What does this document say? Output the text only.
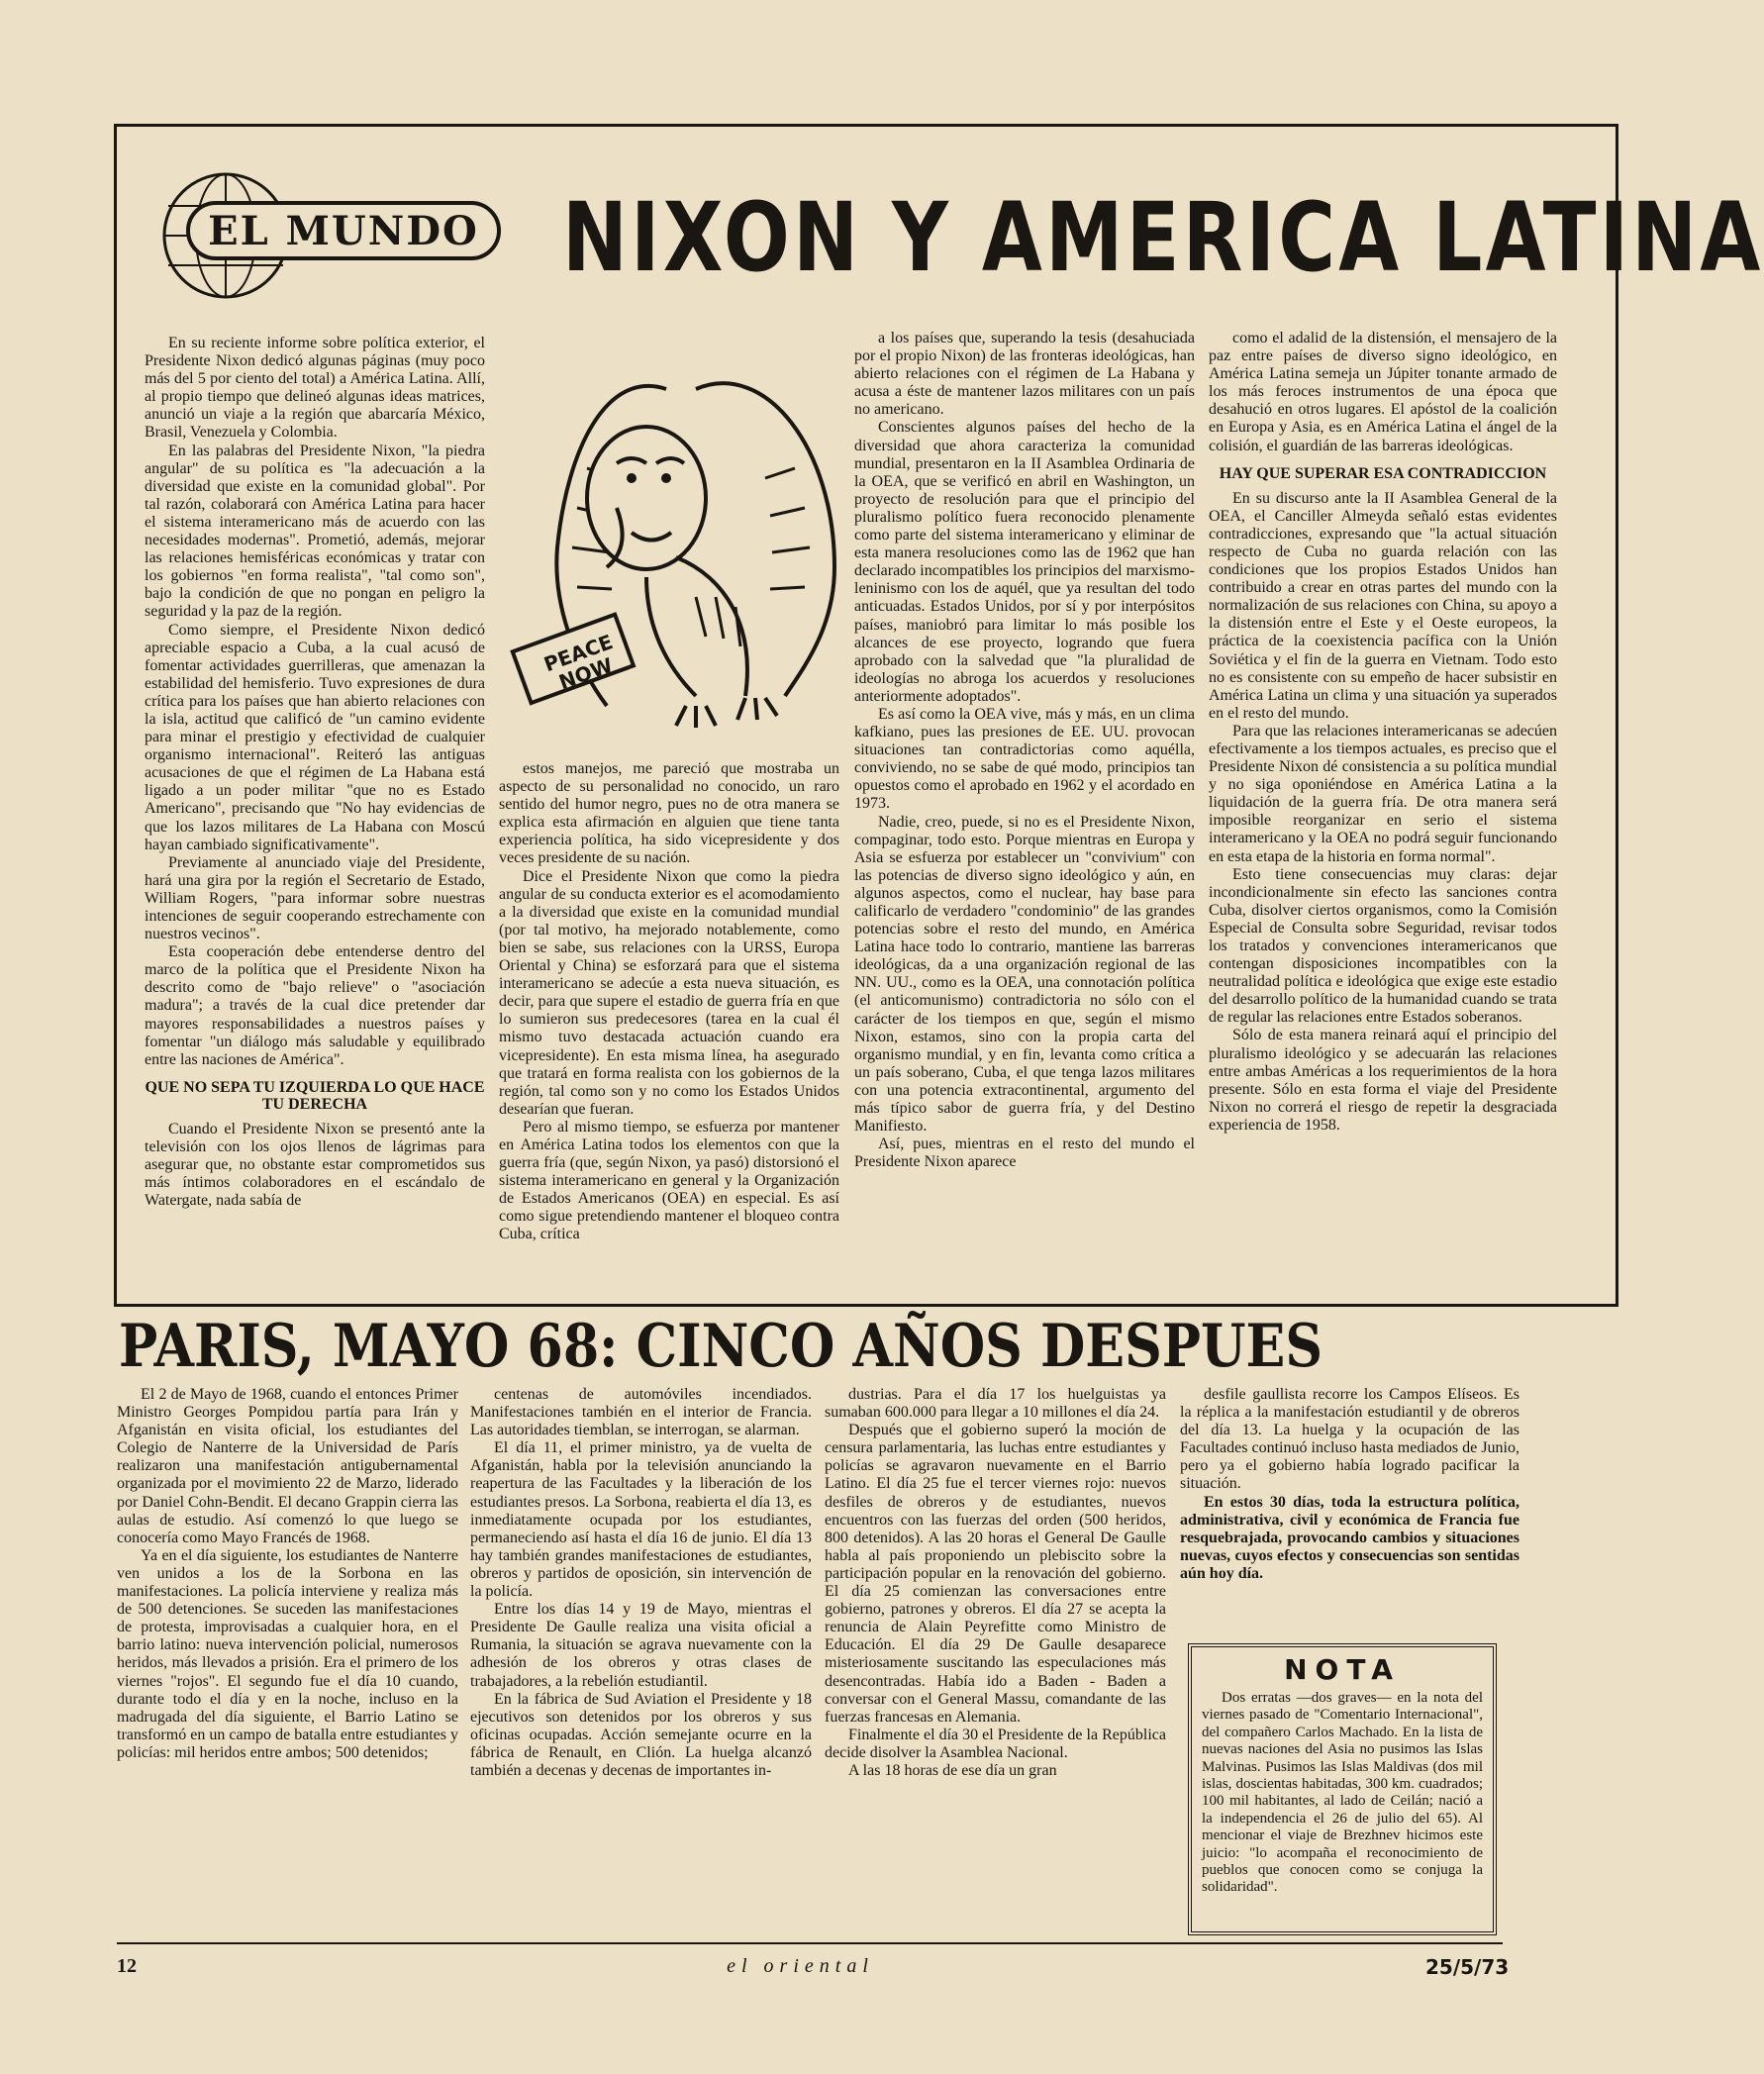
EL MUNDO NIXON Y AMERICA LATINA
PEACE NOW

En su reciente informe sobre política exterior, el Presidente Nixon dedicó algunas páginas (muy poco más del 5 por ciento del total) a América Latina. Allí, al propio tiempo que delineó algunas ideas matrices, anunció un viaje a la región que abarcaría México, Brasil, Venezuela y Colombia.

En las palabras del Presidente Nixon, "la piedra angular" de su política es "la adecuación a la diversidad que existe en la comunidad global". Por tal razón, colaborará con América Latina para hacer el sistema interamericano más de acuerdo con las necesidades modernas". Prometió, además, mejorar las relaciones hemisféricas económicas y tratar con los gobiernos "en forma realista", "tal como son", bajo la condición de que no pongan en peligro la seguridad y la paz de la región.

Como siempre, el Presidente Nixon dedicó apreciable espacio a Cuba, a la cual acusó de fomentar actividades guerrilleras, que amenazan la estabilidad del hemisferio. Tuvo expresiones de dura crítica para los países que han abierto relaciones con la isla, actitud que calificó de "un camino evidente para minar el prestigio y efectividad de cualquier organismo internacional". Reiteró las antiguas acusaciones de que el régimen de La Habana está ligado a un poder militar "que no es Estado Americano", precisando que "No hay evidencias de que los lazos militares de La Habana con Moscú hayan cambiado significativamente".

Previamente al anunciado viaje del Presidente, hará una gira por la región el Secretario de Estado, William Rogers, "para informar sobre nuestras intenciones de seguir cooperando estrechamente con nuestros vecinos".

Esta cooperación debe entenderse dentro del marco de la política que el Presidente Nixon ha descrito como de "bajo relieve" o "asociación madura"; a través de la cual dice pretender dar mayores responsabilidades a nuestros países y fomentar "un diálogo más saludable y equilibrado entre las naciones de América".

QUE NO SEPA TU IZQUIERDA LO QUE HACE TU DERECHA

Cuando el Presidente Nixon se presentó ante la televisión con los ojos llenos de lágrimas para asegurar que, no obstante estar comprometidos sus más íntimos colaboradores en el escándalo de Watergate, nada sabía de

estos manejos, me pareció que mostraba un aspecto de su personalidad no conocido, un raro sentido del humor negro, pues no de otra manera se explica esta afirmación en alguien que tiene tanta experiencia política, ha sido vicepresidente y dos veces presidente de su nación.

Dice el Presidente Nixon que como la piedra angular de su conducta exterior es el acomodamiento a la diversidad que existe en la comunidad mundial (por tal motivo, ha mejorado notablemente, como bien se sabe, sus relaciones con la URSS, Europa Oriental y China) se esforzará para que el sistema interamericano se adecúe a esta nueva situación, es decir, para que supere el estadio de guerra fría en que lo sumieron sus predecesores (tarea en la cual él mismo tuvo destacada actuación cuando era vicepresidente). En esta misma línea, ha asegurado que tratará en forma realista con los gobiernos de la región, tal como son y no como los Estados Unidos desearían que fueran.

Pero al mismo tiempo, se esfuerza por mantener en América Latina todos los elementos con que la guerra fría (que, según Nixon, ya pasó) distorsionó el sistema interamericano en general y la Organización de Estados Americanos (OEA) en especial. Es así como sigue pretendiendo mantener el bloqueo contra Cuba, crítica

a los países que, superando la tesis (desahuciada por el propio Nixon) de las fronteras ideológicas, han abierto relaciones con el régimen de La Habana y acusa a éste de mantener lazos militares con un país no americano.

Conscientes algunos países del hecho de la diversidad que ahora caracteriza la comunidad mundial, presentaron en la II Asamblea Ordinaria de la OEA, que se verificó en abril en Washington, un proyecto de resolución para que el principio del pluralismo político fuera reconocido plenamente como parte del sistema interamericano y eliminar de esta manera resoluciones como las de 1962 que han declarado incompatibles los principios del marxismo-leninismo con los de aquél, que ya resultan del todo anticuadas. Estados Unidos, por sí y por interpósitos países, maniobró para limitar lo más posible los alcances de ese proyecto, logrando que fuera aprobado con la salvedad que "la pluralidad de ideologías no abroga los acuerdos y resoluciones anteriormente adoptados".

Es así como la OEA vive, más y más, en un clima kafkiano, pues las presiones de EE. UU. provocan situaciones tan contradictorias como aquélla, conviviendo, no se sabe de qué modo, principios tan opuestos como el aprobado en 1962 y el acordado en 1973.

Nadie, creo, puede, si no es el Presidente Nixon, compaginar, todo esto. Porque mientras en Europa y Asia se esfuerza por establecer un "convivium" con las potencias de diverso signo ideológico y aún, en algunos aspectos, como el nuclear, hay base para calificarlo de verdadero "condominio" de las grandes potencias sobre el resto del mundo, en América Latina hace todo lo contrario, mantiene las barreras ideológicas, da a una organización regional de las NN. UU., como es la OEA, una connotación política (el anticomunismo) contradictoria no sólo con el carácter de los tiempos en que, según el mismo Nixon, estamos, sino con la propia carta del organismo mundial, y en fin, levanta como crítica a un país soberano, Cuba, el que tenga lazos militares con una potencia extracontinental, argumento del más típico sabor de guerra fría, y del Destino Manifiesto.

Así, pues, mientras en el resto del mundo el Presidente Nixon aparece

como el adalid de la distensión, el mensajero de la paz entre países de diverso signo ideológico, en América Latina semeja un Júpiter tonante armado de los más feroces instrumentos de una época que desahució en otros lugares. El apóstol de la coalición en Europa y Asia, es en América Latina el ángel de la colisión, el guardián de las barreras ideológicas.

HAY QUE SUPERAR ESA CONTRADICCION

En su discurso ante la II Asamblea General de la OEA, el Canciller Almeyda señaló estas evidentes contradicciones, expresando que "la actual situación respecto de Cuba no guarda relación con las condiciones que los propios Estados Unidos han contribuido a crear en otras partes del mundo con la normalización de sus relaciones con China, su apoyo a la distensión entre el Este y el Oeste europeos, la práctica de la coexistencia pacífica con la Unión Soviética y el fin de la guerra en Vietnam. Todo esto no es consistente con su empeño de hacer subsistir en América Latina un clima y una situación ya superados en el resto del mundo.

Para que las relaciones interamericanas se adecúen efectivamente a los tiempos actuales, es preciso que el Presidente Nixon dé consistencia a su política mundial y no siga oponiéndose en América Latina a la liquidación de la guerra fría. De otra manera será imposible reorganizar en serio el sistema interamericano y la OEA no podrá seguir funcionando en esta etapa de la historia en forma normal".

Esto tiene consecuencias muy claras: dejar incondicionalmente sin efecto las sanciones contra Cuba, disolver ciertos organismos, como la Comisión Especial de Consulta sobre Seguridad, revisar todos los tratados y convenciones interamericanos que contengan disposiciones incompatibles con la neutralidad política e ideológica que exige este estadio del desarrollo político de la humanidad cuando se trata de regular las relaciones entre Estados soberanos.

Sólo de esta manera reinará aquí el principio del pluralismo ideológico y se adecuarán las relaciones entre ambas Américas a los requerimientos de la hora presente. Sólo en esta forma el viaje del Presidente Nixon no correrá el riesgo de repetir la desgraciada experiencia de 1958.

PARIS, MAYO 68: CINCO AÑOS DESPUES

El 2 de Mayo de 1968, cuando el entonces Primer Ministro Georges Pompidou partía para Irán y Afganistán en visita oficial, los estudiantes del Colegio de Nanterre de la Universidad de París realizaron una manifestación antigubernamental organizada por el movimiento 22 de Marzo, liderado por Daniel Cohn-Bendit. El decano Grappin cierra las aulas de estudio. Así comenzó lo que luego se conocería como Mayo Francés de 1968.

Ya en el día siguiente, los estudiantes de Nanterre ven unidos a los de la Sorbona en las manifestaciones. La policía interviene y realiza más de 500 detenciones. Se suceden las manifestaciones de protesta, improvisadas a cualquier hora, en el barrio latino: nueva intervención policial, numerosos heridos, más llevados a prisión. Era el primero de los viernes "rojos". El segundo fue el día 10 cuando, durante todo el día y en la noche, incluso en la madrugada del día siguiente, el Barrio Latino se transformó en un campo de batalla entre estudiantes y policías: mil heridos entre ambos; 500 detenidos;

centenas de automóviles incendiados. Manifestaciones también en el interior de Francia. Las autoridades tiemblan, se interrogan, se alarman.

El día 11, el primer ministro, ya de vuelta de Afganistán, habla por la televisión anunciando la reapertura de las Facultades y la liberación de los estudiantes presos. La Sorbona, reabierta el día 13, es inmediatamente ocupada por los estudiantes, permaneciendo así hasta el día 16 de junio. El día 13 hay también grandes manifestaciones de estudiantes, obreros y partidos de oposición, sin intervención de la policía.

Entre los días 14 y 19 de Mayo, mientras el Presidente De Gaulle realiza una visita oficial a Rumania, la situación se agrava nuevamente con la adhesión de los obreros y otras clases de trabajadores, a la rebelión estudiantil.

En la fábrica de Sud Aviation el Presidente y 18 ejecutivos son detenidos por los obreros y sus oficinas ocupadas. Acción semejante ocurre en la fábrica de Renault, en Clión. La huelga alcanzó también a decenas y decenas de importantes in-

dustrias. Para el día 17 los huelguistas ya sumaban 600.000 para llegar a 10 millones el día 24.

Después que el gobierno superó la moción de censura parlamentaria, las luchas entre estudiantes y policías se agravaron nuevamente en el Barrio Latino. El día 25 fue el tercer viernes rojo: nuevos desfiles de obreros y de estudiantes, nuevos encuentros con las fuerzas del orden (500 heridos, 800 detenidos). A las 20 horas el General De Gaulle habla al país proponiendo un plebiscito sobre la participación popular en la renovación del gobierno. El día 25 comienzan las conversaciones entre gobierno, patrones y obreros. El día 27 se acepta la renuncia de Alain Peyrefitte como Ministro de Educación. El día 29 De Gaulle desaparece misteriosamente suscitando las especulaciones más desencontradas. Había ido a Baden - Baden a conversar con el General Massu, comandante de las fuerzas francesas en Alemania.

Finalmente el día 30 el Presidente de la República decide disolver la Asamblea Nacional.

A las 18 horas de ese día un gran

desfile gaullista recorre los Campos Elíseos. Es la réplica a la manifestación estudiantil y de obreros del día 13. La huelga y la ocupación de las Facultades continuó incluso hasta mediados de Junio, pero ya el gobierno había logrado pacificar la situación.

En estos 30 días, toda la estructura política, administrativa, civil y económica de Francia fue resquebrajada, provocando cambios y situaciones nuevas, cuyos efectos y consecuencias son sentidas aún hoy día.

NOTA

Dos erratas —dos graves— en la nota del viernes pasado de "Comentario Internacional", del compañero Carlos Machado. En la lista de nuevas naciones del Asia no pusimos las Islas Malvinas. Pusimos las Islas Maldivas (dos mil islas, doscientas habitadas, 300 km. cuadrados; 100 mil habitantes, al lado de Ceilán; nació a la independencia el 26 de julio del 65). Al mencionar el viaje de Brezhnev hicimos este juicio: "lo acompaña el reconocimiento de pueblos que conocen como se conjuga la solidaridad".

12	el oriental	25/5/73
